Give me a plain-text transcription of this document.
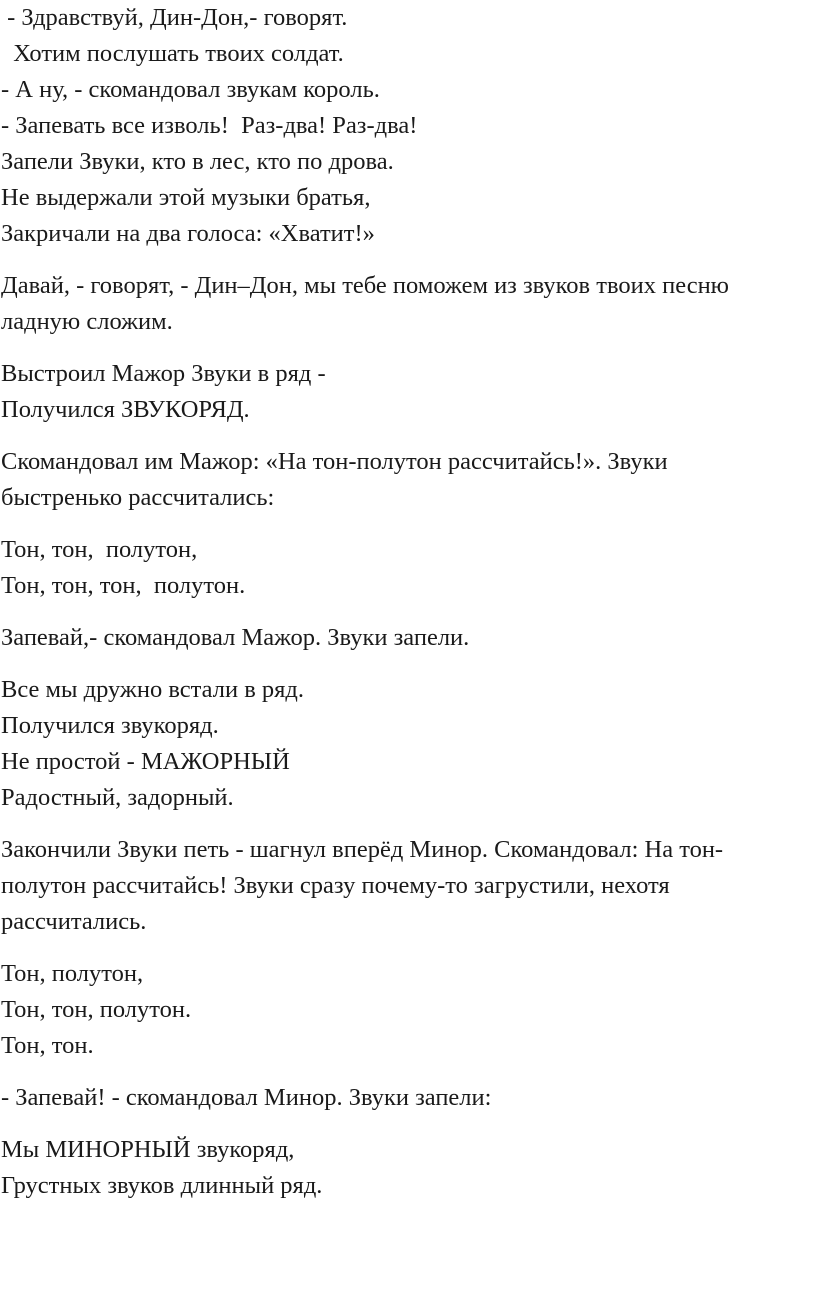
- Здравствуй, Дин-Дон,- говорят.
Хотим послушать твоих солдат.
- А ну, - скомандовал звукам король.
- Запевать все изволь!  Раз-два! Раз-два!
Запели Звуки, кто в лес, кто по дрова.
Не выдержали этой музыки братья,
Закричали на два голоса: «Хватит!»
Давай, - говорят, - Дин–Дон, мы тебе поможем из звуков твоих песню ладную сложим.
Выстроил Мажор Звуки в ряд -
Получился ЗВУКОРЯД.
Скомандовал им Мажор: «На тон-полутон рассчитайсь!». Звуки быстренько рассчитались:
Тон, тон,  полутон,
Тон, тон, тон,  полутон.
Запевай,- скомандовал Мажор. Звуки запели.
Все мы дружно встали в ряд.
Получился звукоряд.
Не простой - МАЖОРНЫЙ
Радостный, задорный.
Закончили Звуки петь - шагнул вперёд Минор. Скомандовал: На тон-полутон рассчитайсь! Звуки сразу почему-то загрустили, нехотя рассчитались.
Тон, полутон,
Тон, тон, полутон.
Тон, тон.
- Запевай! - скомандовал Минор. Звуки запели:
Мы МИНОРНЫЙ звукоряд,
Грустных звуков длинный ряд.
